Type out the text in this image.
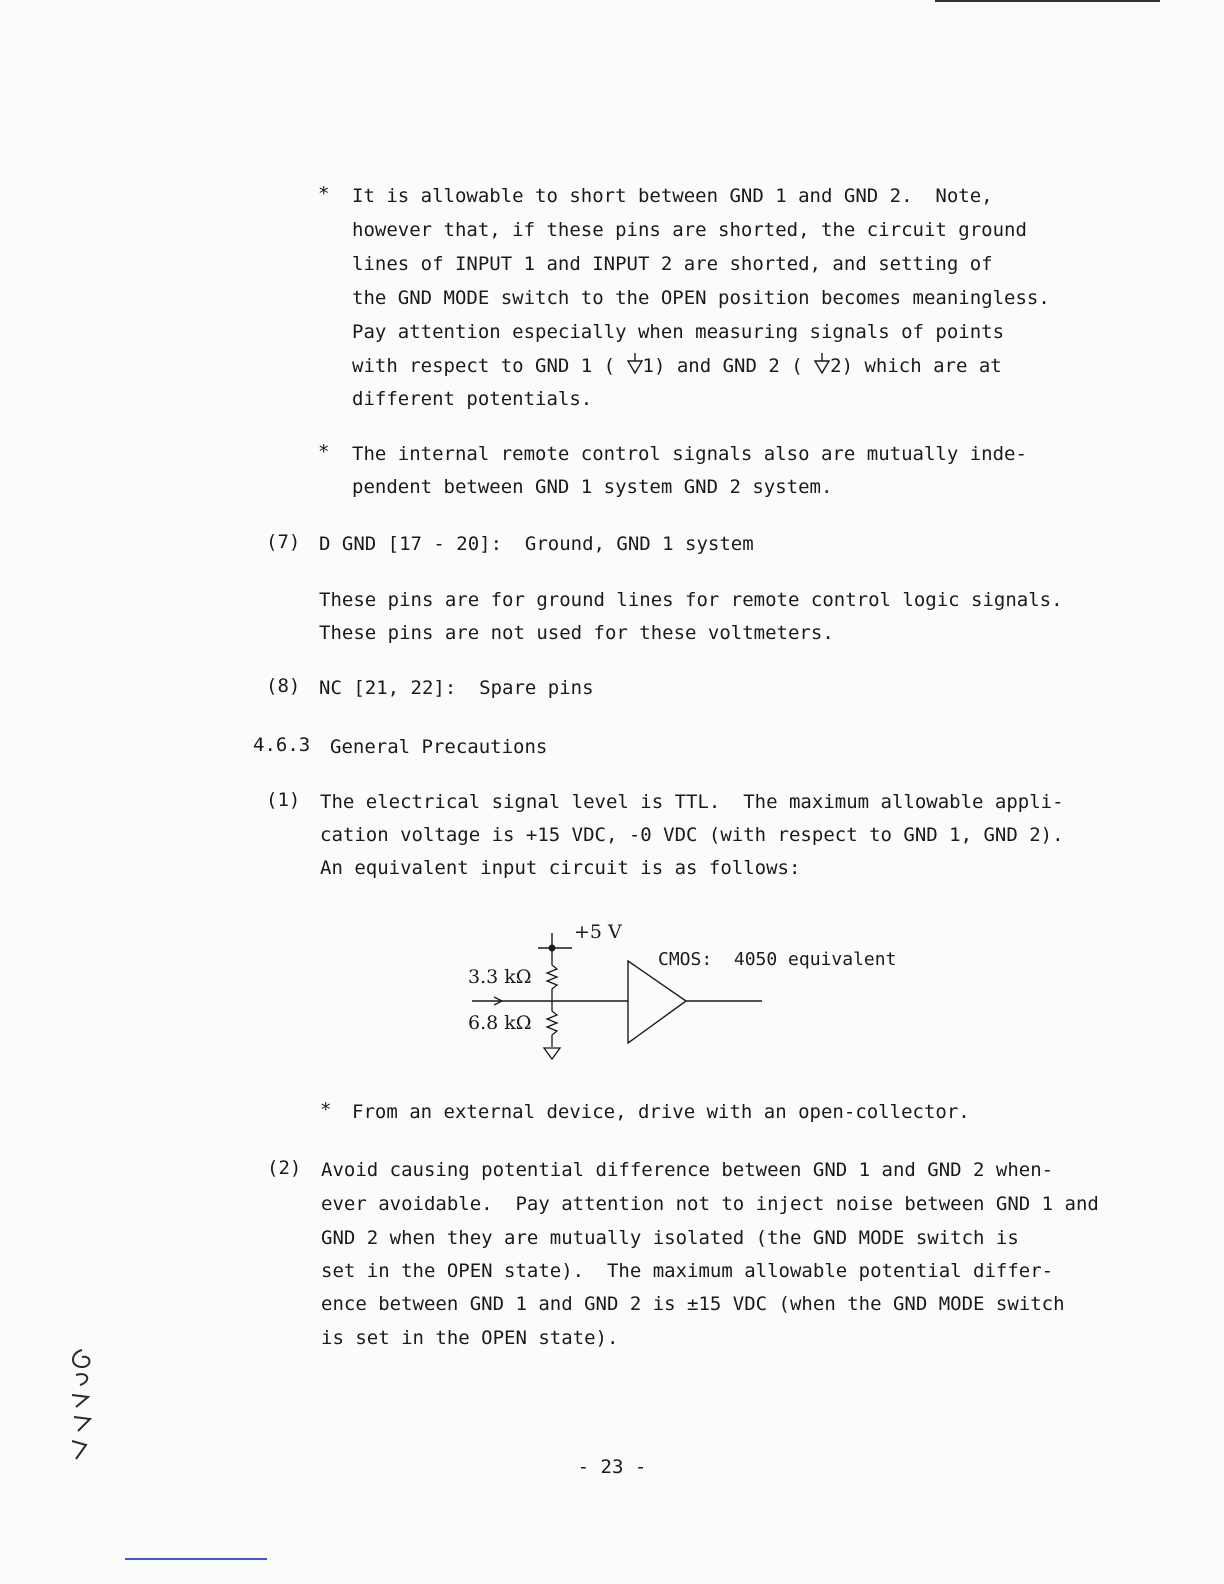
* It is allowable to short between GND 1 and GND 2.  Note,
however that, if these pins are shorted, the circuit ground
lines of INPUT 1 and INPUT 2 are shorted, and setting of
the GND MODE switch to the OPEN position becomes meaningless.
Pay attention especially when measuring signals of points
with respect to GND 1 ( 1) and GND 2 ( 2) which are at
different potentials.
* The internal remote control signals also are mutually inde-
pendent between GND 1 system GND 2 system.
(7) D GND [17 - 20]:  Ground, GND 1 system
These pins are for ground lines for remote control logic signals.
These pins are not used for these voltmeters.
(8) NC [21, 22]:  Spare pins
4.6.3 General Precautions
(1) The electrical signal level is TTL.  The maximum allowable appli-
cation voltage is +15 VDC, -0 VDC (with respect to GND 1, GND 2).
An equivalent input circuit is as follows:
+5 V
3.3 kΩ
6.8 kΩ
CMOS:  4050 equivalent
* From an external device, drive with an open-collector.
(2) Avoid causing potential difference between GND 1 and GND 2 when-
ever avoidable.  Pay attention not to inject noise between GND 1 and
GND 2 when they are mutually isolated (the GND MODE switch is
set in the OPEN state).  The maximum allowable potential differ-
ence between GND 1 and GND 2 is ±15 VDC (when the GND MODE switch
is set in the OPEN state).
- 23 -
